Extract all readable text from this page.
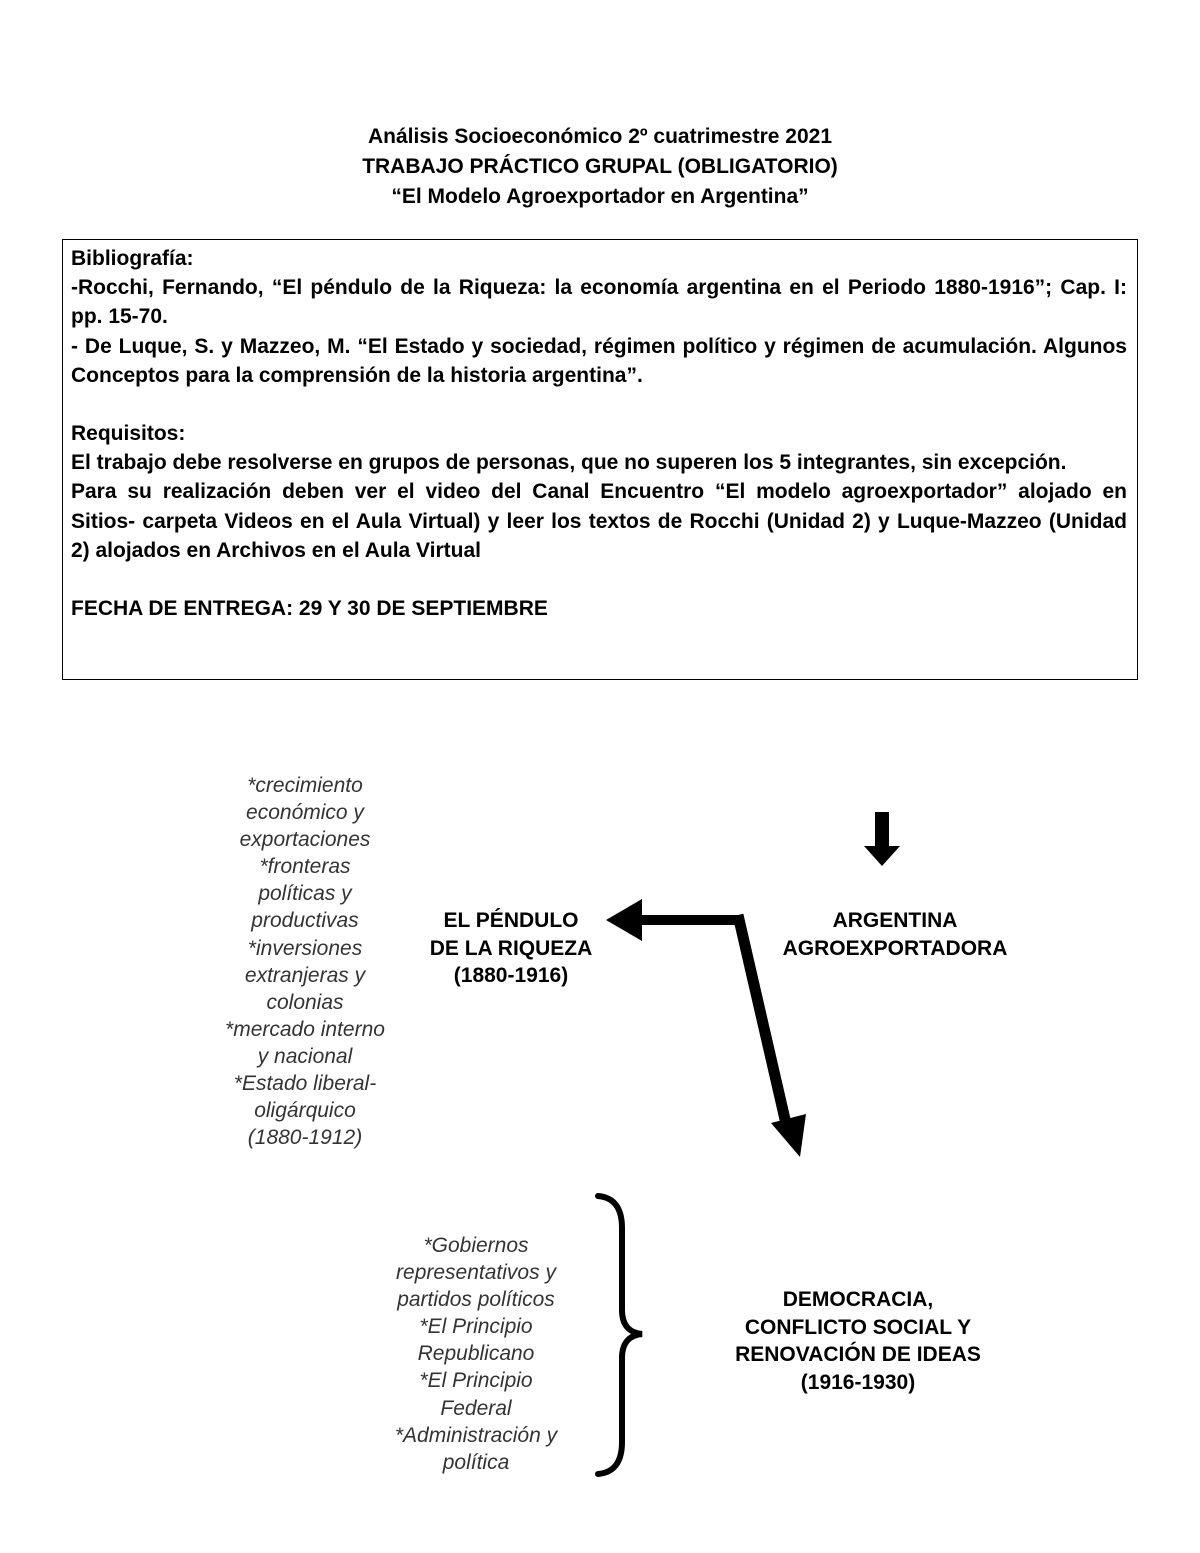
Análisis Socioeconómico 2º cuatrimestre 2021
TRABAJO PRÁCTICO GRUPAL (OBLIGATORIO)
“El Modelo Agroexportador en Argentina”

Bibliografía:

-Rocchi, Fernando, “El péndulo de la Riqueza: la economía argentina en el Periodo 1880-1916”; Cap. I: pp. 15-70.

- De Luque, S. y Mazzeo, M. “El Estado y sociedad, régimen político y régimen de acumulación. Algunos Conceptos para la comprensión de la historia argentina”.

Requisitos:

El trabajo debe resolverse en grupos de personas, que no superen los 5 integrantes, sin excepción.

Para su realización deben ver el video del Canal Encuentro “El modelo agroexportador” alojado en Sitios- carpeta Videos en el Aula Virtual) y leer los textos de Rocchi (Unidad 2) y Luque-Mazzeo (Unidad 2) alojados en Archivos en el Aula Virtual

FECHA DE ENTREGA: 29 Y 30 DE SEPTIEMBRE

*crecimiento
económico y
exportaciones
*fronteras
políticas y
productivas
*inversiones
extranjeras y
colonias
*mercado interno
y nacional
*Estado liberal-
oligárquico
(1880-1912)
EL PÉNDULO
DE LA RIQUEZA
(1880-1916)
ARGENTINA
AGROEXPORTADORA
*Gobiernos
representativos y
partidos políticos
*El Principio
Republicano
*El Principio
Federal
*Administración y
política
DEMOCRACIA,
CONFLICTO SOCIAL Y
RENOVACIÓN DE IDEAS
(1916-1930)
